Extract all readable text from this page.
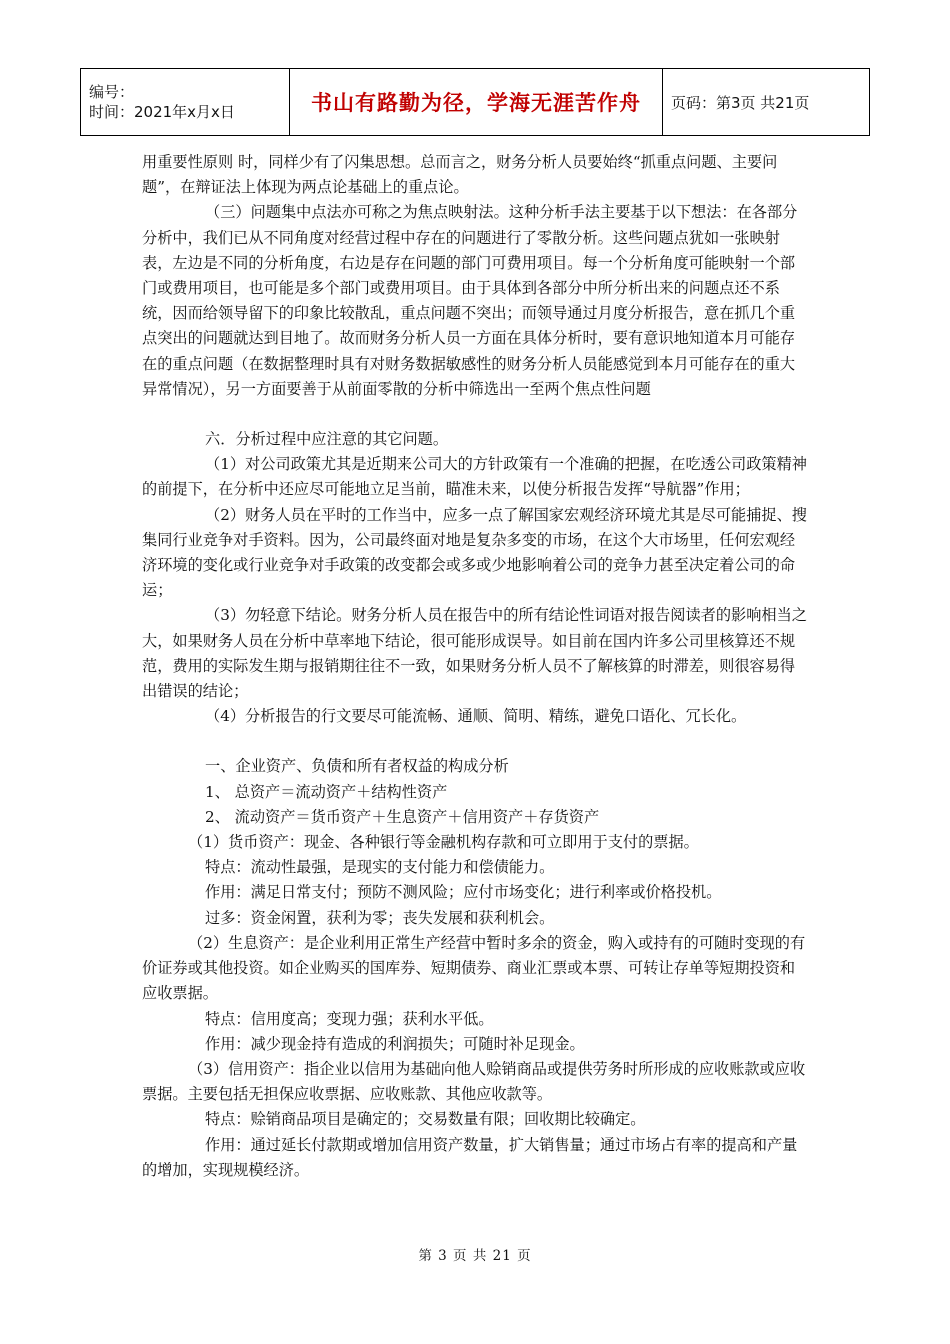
编号：
时间：2021年x月x日	书山有路勤为径，学海无涯苦作舟	页码：第3页 共21页

用重要性原则 时，同样少有了闪集思想。总而言之，财务分析人员要始终“抓重点问题、主要问题”，在辩证法上体现为两点论基础上的重点论。

（三）问题集中点法亦可称之为焦点映射法。这种分析手法主要基于以下想法：在各部分分析中，我们已从不同角度对经营过程中存在的问题进行了零散分析。这些问题点犹如一张映射表，左边是不同的分析角度，右边是存在问题的部门可费用项目。每一个分析角度可能映射一个部门或费用项目，也可能是多个部门或费用项目。由于具体到各部分中所分析出来的问题点还不系统，因而给领导留下的印象比较散乱，重点问题不突出；而领导通过月度分析报告，意在抓几个重点突出的问题就达到目地了。故而财务分析人员一方面在具体分析时，要有意识地知道本月可能存在的重点问题（在数据整理时具有对财务数据敏感性的财务分析人员能感觉到本月可能存在的重大异常情况），另一方面要善于从前面零散的分析中筛选出一至两个焦点性问题

六．分析过程中应注意的其它问题。

（1）对公司政策尤其是近期来公司大的方针政策有一个准确的把握，在吃透公司政策精神的前提下，在分析中还应尽可能地立足当前，瞄准未来，以使分析报告发挥“导航器”作用；

（2）财务人员在平时的工作当中，应多一点了解国家宏观经济环境尤其是尽可能捕捉、搜集同行业竞争对手资料。因为，公司最终面对地是复杂多变的市场，在这个大市场里，任何宏观经济环境的变化或行业竞争对手政策的改变都会或多或少地影响着公司的竞争力甚至决定着公司的命运；

（3）勿轻意下结论。财务分析人员在报告中的所有结论性词语对报告阅读者的影响相当之大，如果财务人员在分析中草率地下结论，很可能形成误导。如目前在国内许多公司里核算还不规范，费用的实际发生期与报销期往往不一致，如果财务分析人员不了解核算的时滞差，则很容易得出错误的结论；

（4）分析报告的行文要尽可能流畅、通顺、简明、精练，避免口语化、冗长化。

一、企业资产、负债和所有者权益的构成分析

1、 总资产＝流动资产＋结构性资产

2、 流动资产＝货币资产＋生息资产＋信用资产＋存货资产

（1）货币资产：现金、各种银行等金融机构存款和可立即用于支付的票据。

特点：流动性最强，是现实的支付能力和偿债能力。

作用：满足日常支付；预防不测风险；应付市场变化；进行利率或价格投机。

过多：资金闲置，获利为零；丧失发展和获利机会。

（2）生息资产：是企业利用正常生产经营中暂时多余的资金，购入或持有的可随时变现的有价证券或其他投资。如企业购买的国库券、短期债券、商业汇票或本票、可转让存单等短期投资和应收票据。

特点：信用度高；变现力强；获利水平低。

作用：减少现金持有造成的利润损失；可随时补足现金。

（3）信用资产：指企业以信用为基础向他人赊销商品或提供劳务时所形成的应收账款或应收票据。主要包括无担保应收票据、应收账款、其他应收款等。

特点：赊销商品项目是确定的；交易数量有限；回收期比较确定。

作用：通过延长付款期或增加信用资产数量，扩大销售量；通过市场占有率的提高和产量的增加，实现规模经济。

第 3 页 共 21 页
